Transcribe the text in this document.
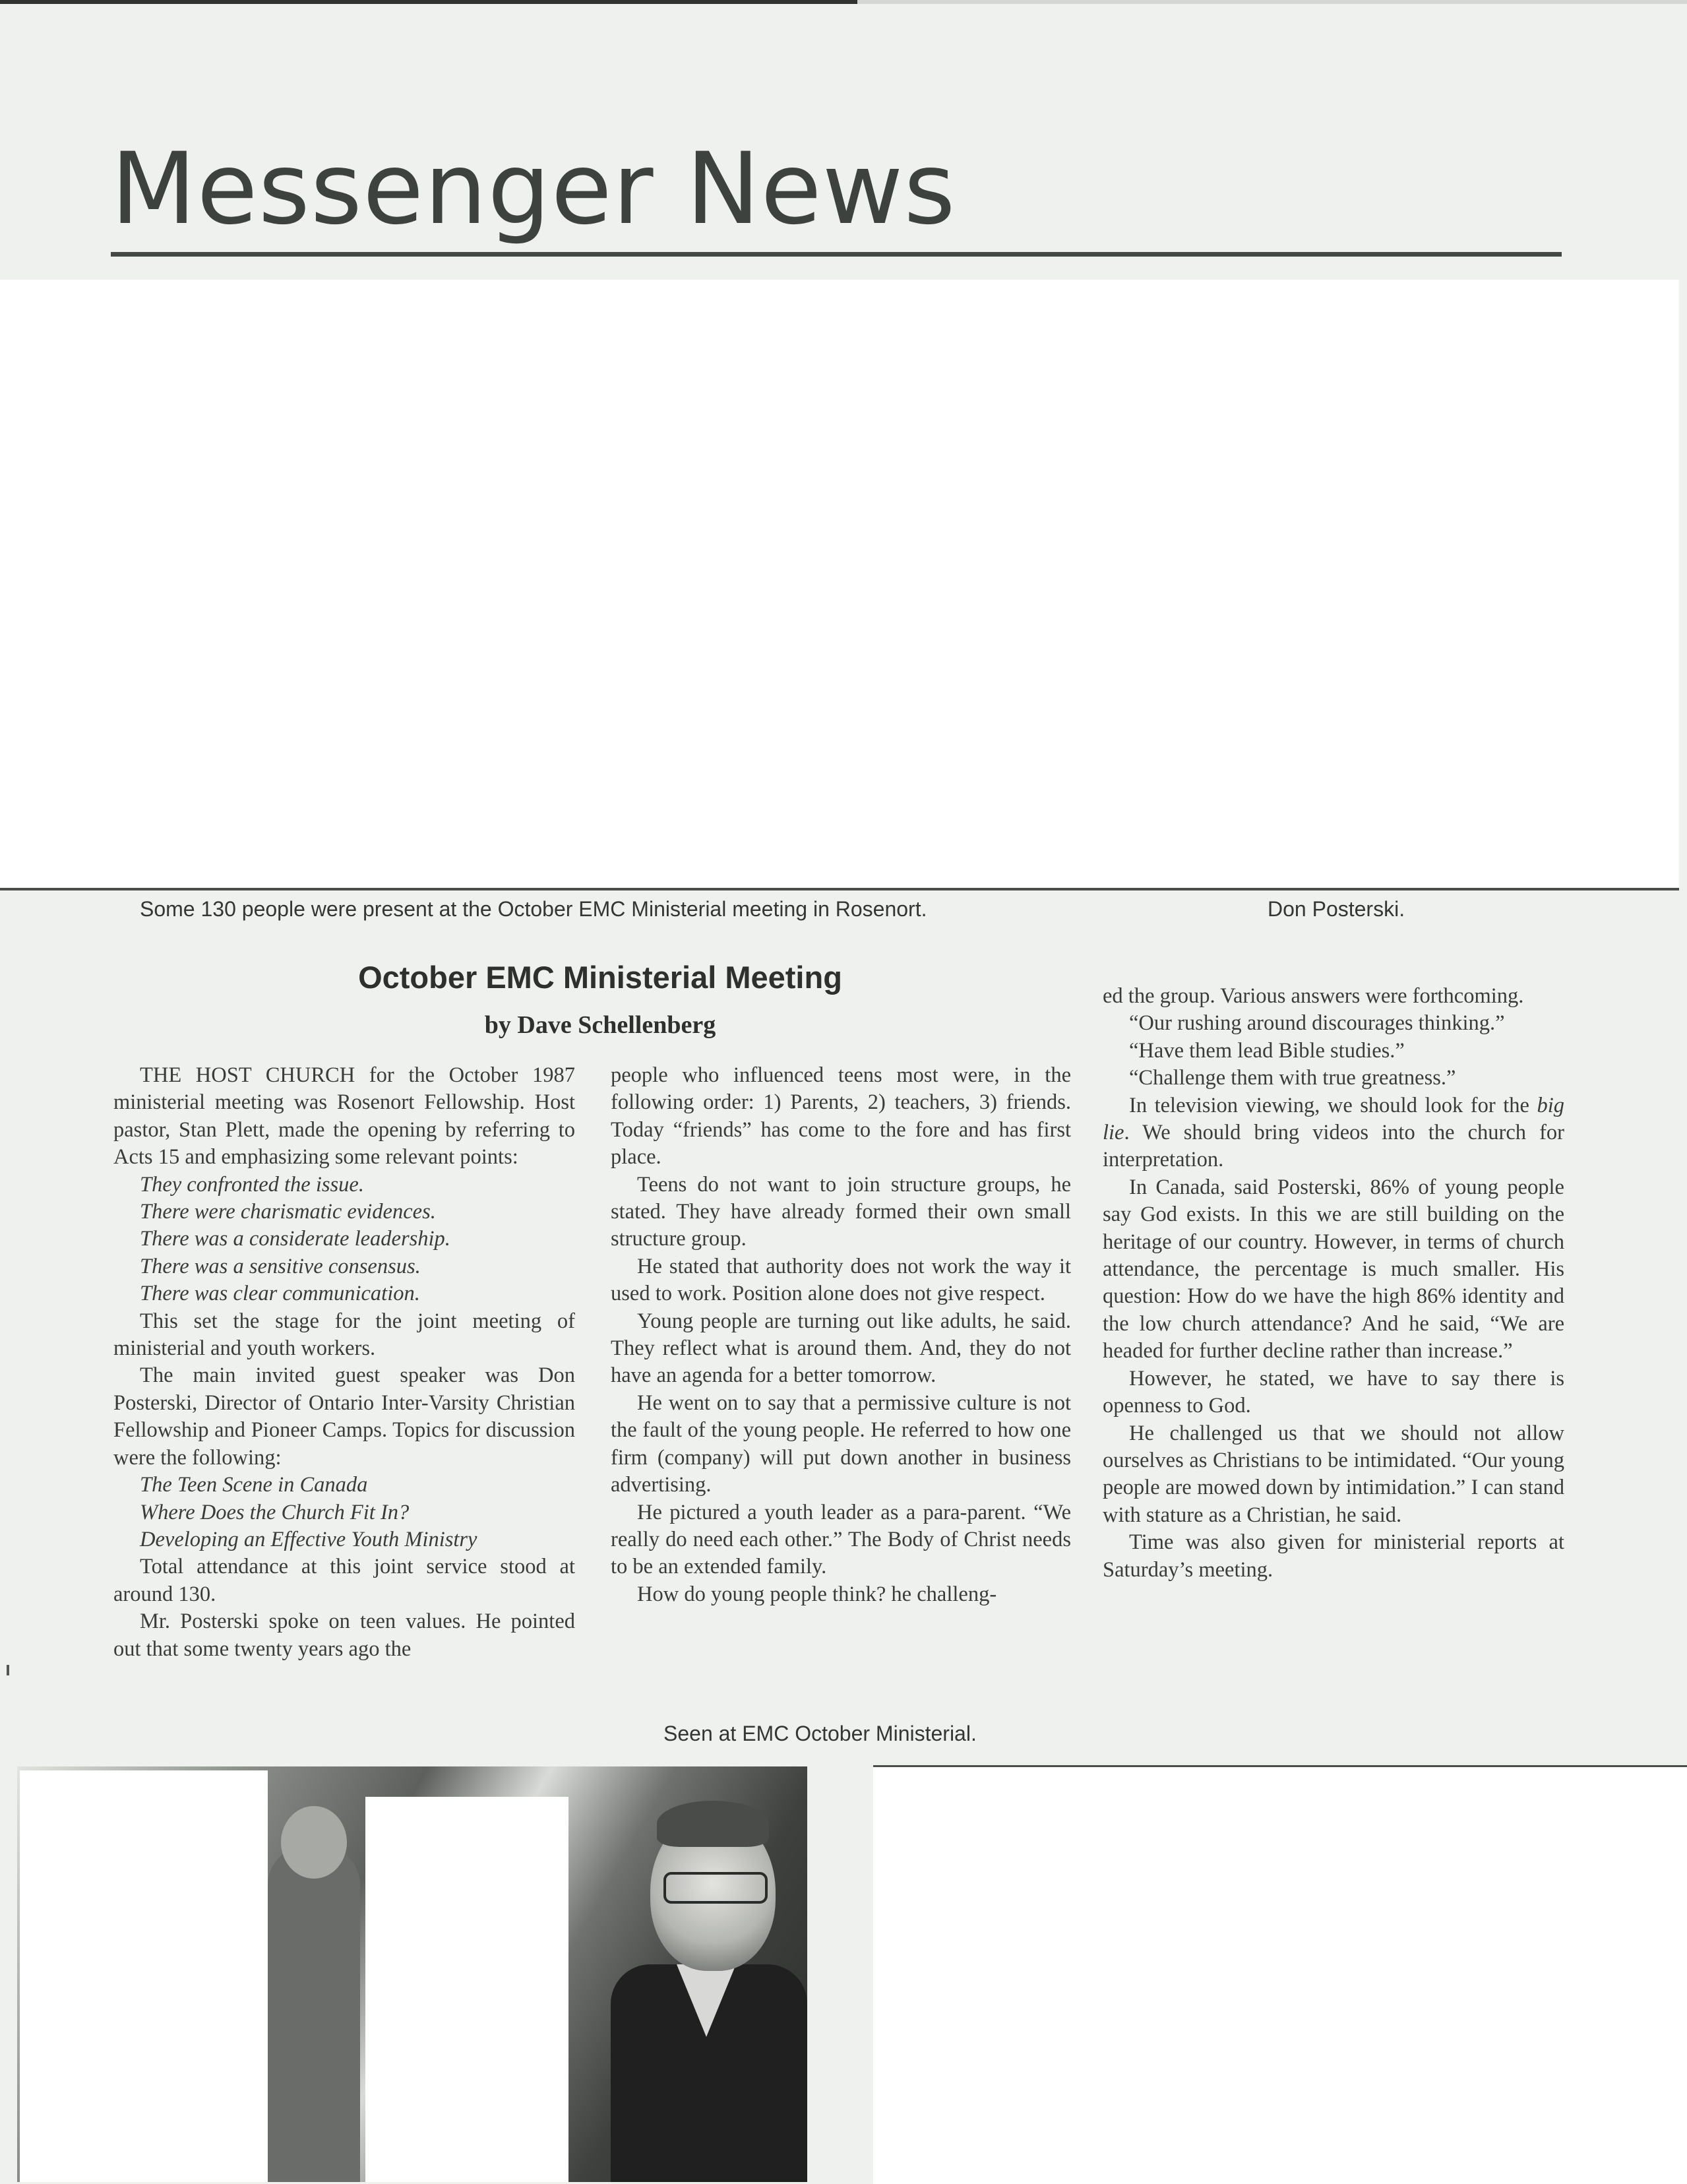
Messenger News
Some 130 people were present at the October EMC Ministerial meeting in Rosenort.	Don Posterski.
October EMC Ministerial Meeting
by Dave Schellenberg

THE HOST CHURCH for the October 1987 ministerial meeting was Rosenort Fellowship. Host pastor, Stan Plett, made the opening by referring to Acts 15 and emphasizing some relevant points:

They confronted the issue.

There were charismatic evidences.

There was a considerate leadership.

There was a sensitive consensus.

There was clear communication.

This set the stage for the joint meeting of ministerial and youth workers.

The main invited guest speaker was Don Posterski, Director of Ontario Inter-Varsity Christian Fellowship and Pioneer Camps. Topics for discussion were the following:

The Teen Scene in Canada

Where Does the Church Fit In?

Developing an Effective Youth Ministry

Total attendance at this joint service stood at around 130.

Mr. Posterski spoke on teen values. He pointed out that some twenty years ago the

people who influenced teens most were, in the following order: 1) Parents, 2) teachers, 3) friends. Today “friends” has come to the fore and has first place.

Teens do not want to join structure groups, he stated. They have already formed their own small structure group.

He stated that authority does not work the way it used to work. Position alone does not give respect.

Young people are turning out like adults, he said. They reflect what is around them. And, they do not have an agenda for a better tomorrow.

He went on to say that a permissive culture is not the fault of the young people. He referred to how one firm (company) will put down another in business advertising.

He pictured a youth leader as a para-parent. “We really do need each other.” The Body of Christ needs to be an extended family.

How do young people think? he challeng-

ed the group. Various answers were forthcoming.

“Our rushing around discourages thinking.”

“Have them lead Bible studies.”

“Challenge them with true greatness.”

In television viewing, we should look for the big lie. We should bring videos into the church for interpretation.

In Canada, said Posterski, 86% of young people say God exists. In this we are still building on the heritage of our country. However, in terms of church attendance, the percentage is much smaller. His question: How do we have the high 86% identity and the low church attendance? And he said, “We are headed for further decline rather than increase.”

However, he stated, we have to say there is openness to God.

He challenged us that we should not allow ourselves as Christians to be intimidated. “Our young people are mowed down by intimidation.” I can stand with stature as a Christian, he said.

Time was also given for ministerial reports at Saturday’s meeting.

Seen at EMC October Ministerial.
